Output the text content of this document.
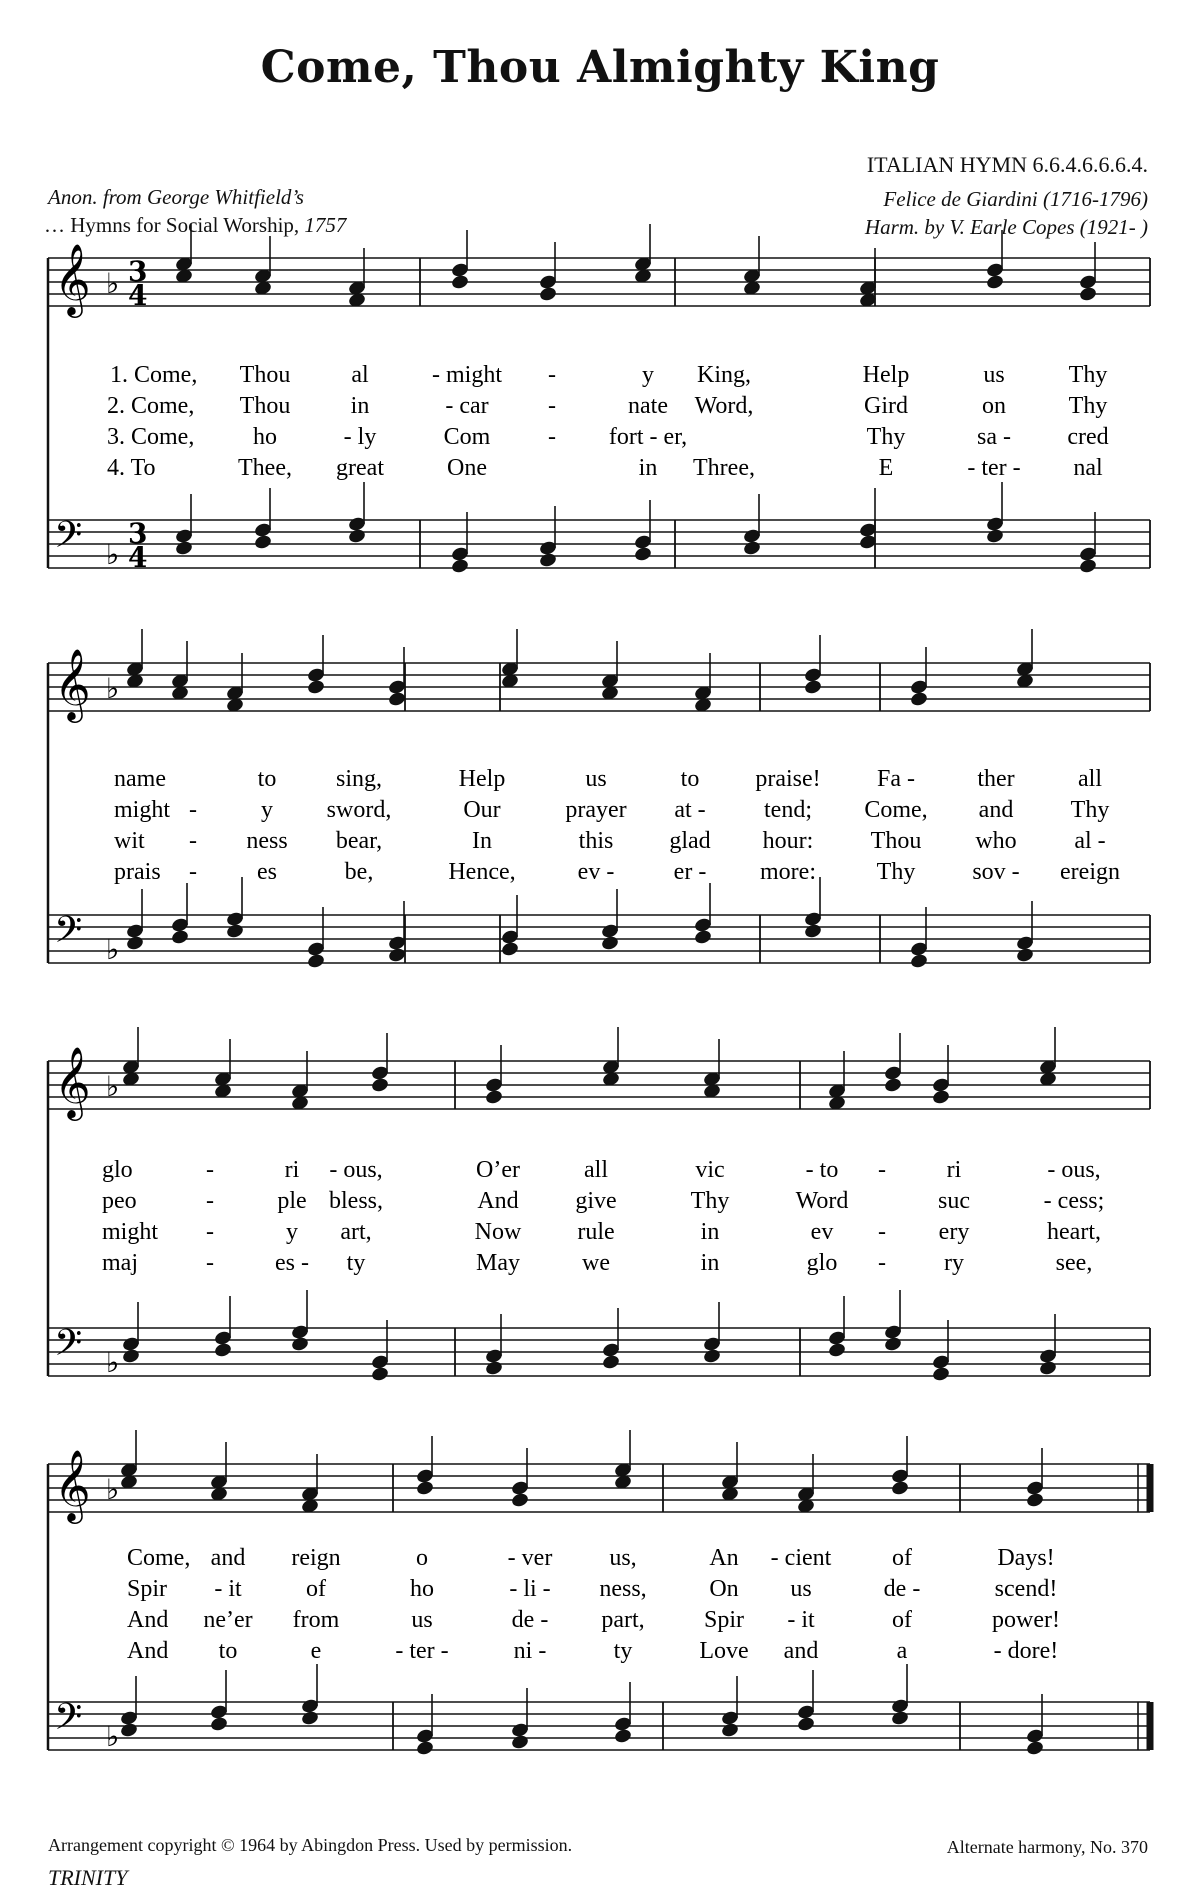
Come, Thou Almighty King
ITALIAN HYMN 6.6.4.6.6.6.4.
Felice de Giardini (1716-1796)
Harm. by V. Earle Copes (1921- )
Anon. from George Whitfield’s
… Hymns for Social Worship, 1757
𝄞
𝄢
♭
♭
3
4
3
4
1. Come, Thou	al	- might -	y King,	Help	us	Thy
2. Come, Thou	in	- car -	nate Word,	Gird	on	Thy
3. Come, ho	- ly	Com - fort - er,	Thy	sa - cred
4. To	Thee, great	One	in Three,	E	- ter - nal
𝄞
𝄢
♭
♭
name	to sing,	Help	us	to praise! Fa -	ther	all
might -	y sword,	Our	prayer at - tend; Come, and Thy
wit - ness bear,	In	this glad hour: Thou who al -
prais -	es	be,	Hence,	ev - er - more:	Thy sov - ereign
𝄞
𝄢
♭
♭
glo	-	ri - ous,	O’er	all	vic	- to -	ri	- ous,
peo	-	ple bless,	And give	Thy	Word	suc	- cess;
might -	y art,	Now rule	in	ev - ery	heart,
maj	-	es - ty	May	we	in	glo - ry	see,
𝄞
𝄢
♭
♭
Come, and reign	o	- ver us,	An - cient	of	Days!
Spir - it	of	ho	- li - ness,	On us	de -	scend!
And ne’er from	us	de - part, Spir - it	of	power!
And to	e	- ter -	ni -	ty	Love and	a	- dore!
Arrangement copyright © 1964 by Abingdon Press. Used by permission.	Alternate harmony, No. 370
TRINITY
